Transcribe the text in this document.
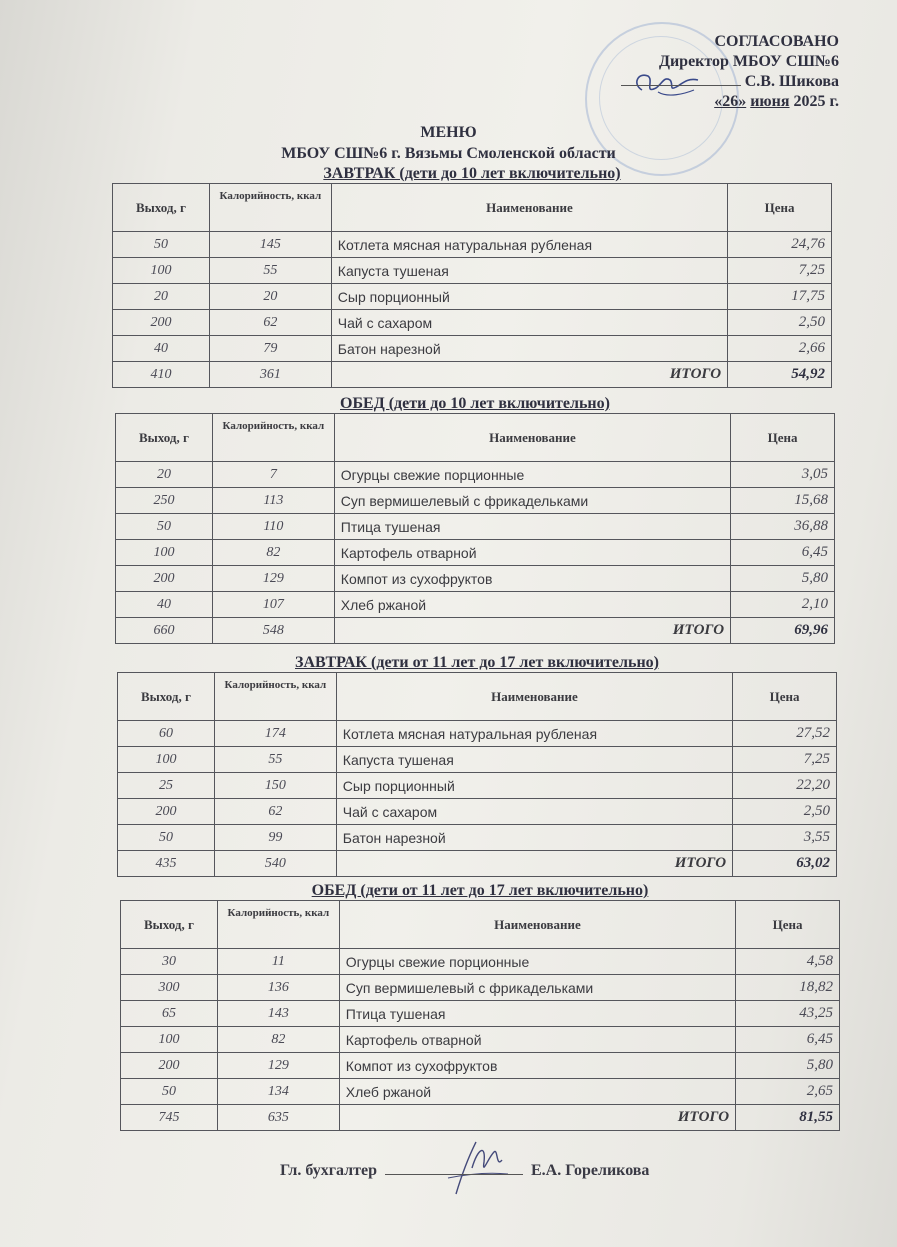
СОГЛАСОВАНО
Директор МБОУ СШ№6
С.В. Шикова
«26» июня 2025 г.
МЕНЮ
МБОУ СШ№6 г. Вязьмы Смоленской области
ЗАВТРАК (дети до 10 лет включительно)
Выход, г	Калорийность, ккал	Наименование	Цена
50	145	Котлета мясная натуральная рубленая	24,76
100	55	Капуста тушеная	7,25
20	20	Сыр порционный	17,75
200	62	Чай с сахаром	2,50
40	79	Батон нарезной	2,66
410	361	ИТОГО	54,92
ОБЕД (дети до 10 лет включительно)
Выход, г	Калорийность, ккал	Наименование	Цена
20	7	Огурцы свежие порционные	3,05
250	113	Суп вермишелевый с фрикадельками	15,68
50	110	Птица тушеная	36,88
100	82	Картофель отварной	6,45
200	129	Компот из сухофруктов	5,80
40	107	Хлеб ржаной	2,10
660	548	ИТОГО	69,96
ЗАВТРАК (дети от 11 лет до 17 лет включительно)
Выход, г	Калорийность, ккал	Наименование	Цена
60	174	Котлета мясная натуральная рубленая	27,52
100	55	Капуста тушеная	7,25
25	150	Сыр порционный	22,20
200	62	Чай с сахаром	2,50
50	99	Батон нарезной	3,55
435	540	ИТОГО	63,02
ОБЕД (дети от 11 лет до 17 лет включительно)
Выход, г	Калорийность, ккал	Наименование	Цена
30	11	Огурцы свежие порционные	4,58
300	136	Суп вермишелевый с фрикадельками	18,82
65	143	Птица тушеная	43,25
100	82	Картофель отварной	6,45
200	129	Компот из сухофруктов	5,80
50	134	Хлеб ржаной	2,65
745	635	ИТОГО	81,55
Гл. бухгалтер	Е.А. Гореликова
